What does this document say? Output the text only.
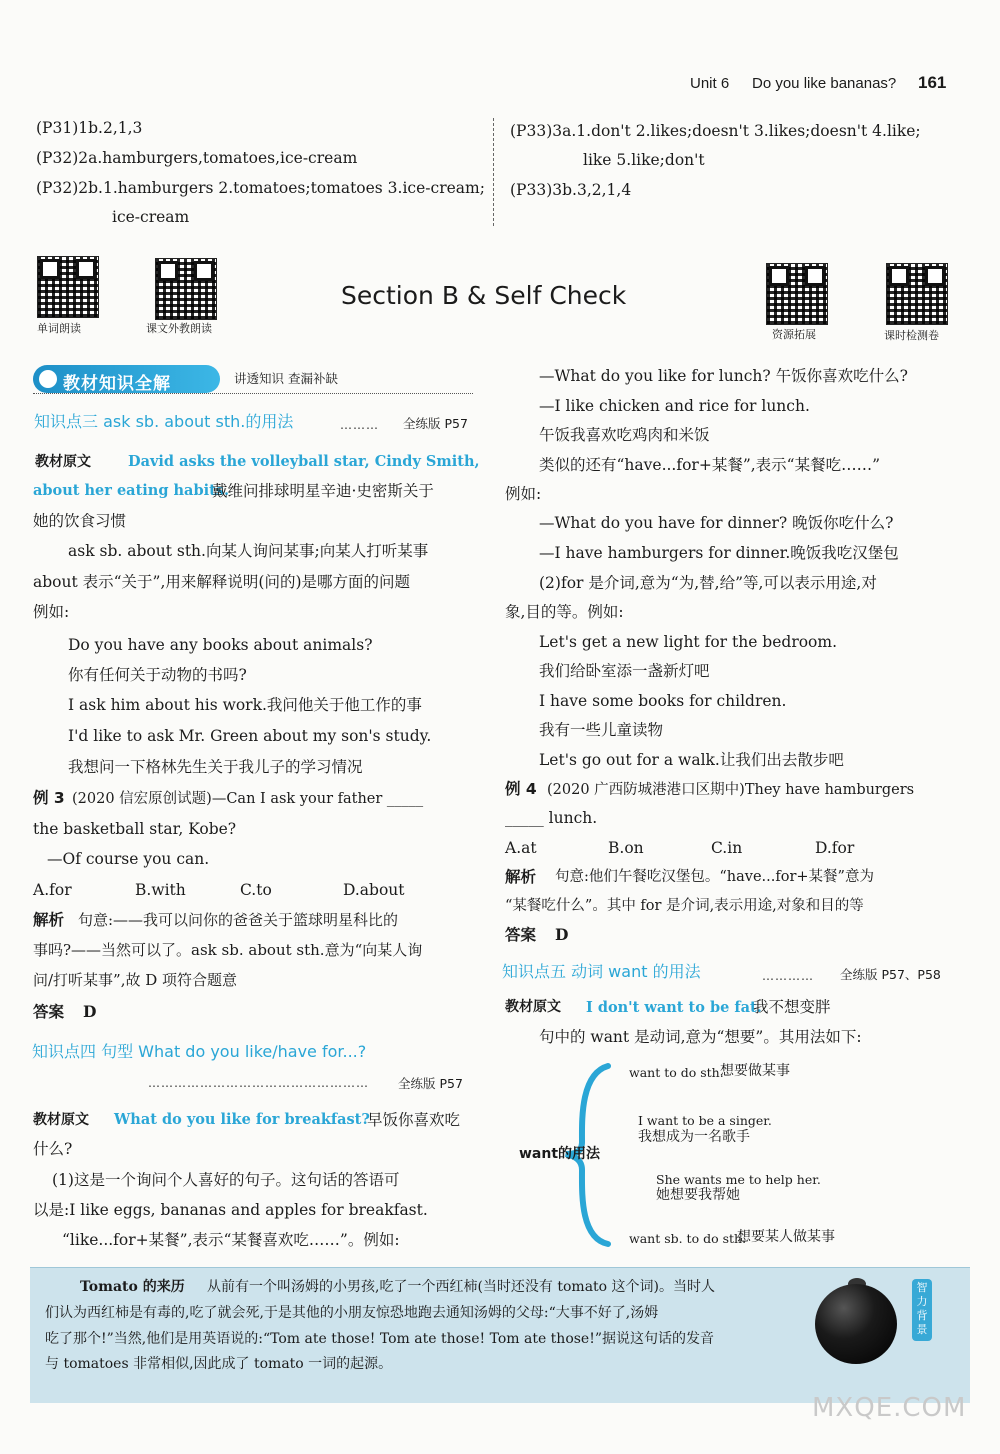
Unit 6 Do you like bananas? 161
(P31)1b.2,1,3
(P32)2a.hamburgers,tomatoes,ice-cream
(P32)2b.1.hamburgers 2.tomatoes;tomatoes 3.ice-cream;
ice-cream
(P33)3a.1.don't 2.likes;doesn't 3.likes;doesn't 4.like;
like 5.like;don't
(P33)3b.3,2,1,4
单词朗读	课文外教朗读	资源拓展	课时检测卷
Section B & Self Check
教材知识全解	讲透知识 查漏补缺
知识点三 ask sb. about sth.的用法	……… 全练版 P57
教材原文	David asks the volleyball star, Cindy Smith,
about her eating habits.
戴维问排球明星辛迪·史密斯关于
她的饮食习惯
ask sb. about sth.向某人询问某事;向某人打听某事
about 表示“关于”,用来解释说明(问的)是哪方面的问题
例如:
Do you have any books about animals?
你有任何关于动物的书吗?
I ask him about his work.我问他关于他工作的事
I'd like to ask Mr. Green about my son's study.
我想问一下格林先生关于我儿子的学习情况
例 3 (2020 信宏原创试题)—Can I ask your father _____
the basketball star, Kobe?
—Of course you can.
A.for	B.with	C.to	D.about
解析 句意:——我可以问你的爸爸关于篮球明星科比的
事吗?——当然可以了。ask sb. about sth.意为“向某人询
问/打听某事”,故 D 项符合题意
答案 D
知识点四 句型 What do you like/have for...?
…………………………………………… 全练版 P57
教材原文 What do you like for breakfast?
早饭你喜欢吃
什么?
(1)这是一个询问个人喜好的句子。这句话的答语可
以是:I like eggs, bananas and apples for breakfast.
“like...for+某餐”,表示“某餐喜欢吃……”。例如:
—What do you like for lunch? 午饭你喜欢吃什么?
—I like chicken and rice for lunch.
午饭我喜欢吃鸡肉和米饭
类似的还有“have...for+某餐”,表示“某餐吃……”
例如:
—What do you have for dinner? 晚饭你吃什么?
—I have hamburgers for dinner.晚饭我吃汉堡包
(2)for 是介词,意为“为,替,给”等,可以表示用途,对
象,目的等。例如:
Let's get a new light for the bedroom.
我们给卧室添一盏新灯吧
I have some books for children.
我有一些儿童读物
Let's go out for a walk.让我们出去散步吧
例 4 (2020 广西防城港港口区期中)They have hamburgers
_____ lunch.
A.at	B.on	C.in	D.for
解析 句意:他们午餐吃汉堡包。“have...for+某餐”意为
“某餐吃什么”。其中 for 是介词,表示用途,对象和目的等
答案 D
知识点五 动词 want 的用法	………… 全练版 P57、P58
教材原文 I don't want to be fat.
我不想变胖
句中的 want 是动词,意为“想要”。其用法如下:
want的用法
want to do sth.
想要做某事
I want to be a singer.
我想成为一名歌手
She wants me to help her.
她想要我帮她
want sb. to do sth.
想要某人做某事
Tomato 的来历 从前有一个叫汤姆的小男孩,吃了一个西红柿(当时还没有 tomato 这个词)。当时人
们认为西红柿是有毒的,吃了就会死,于是其他的小朋友惊恐地跑去通知汤姆的父母:“大事不好了,汤姆
吃了那个!”当然,他们是用英语说的:“Tom ate those! Tom ate those! Tom ate those!”据说这句话的发音
与 tomatoes 非常相似,因此成了 tomato 一词的起源。
智力背景
MXQE.COM
